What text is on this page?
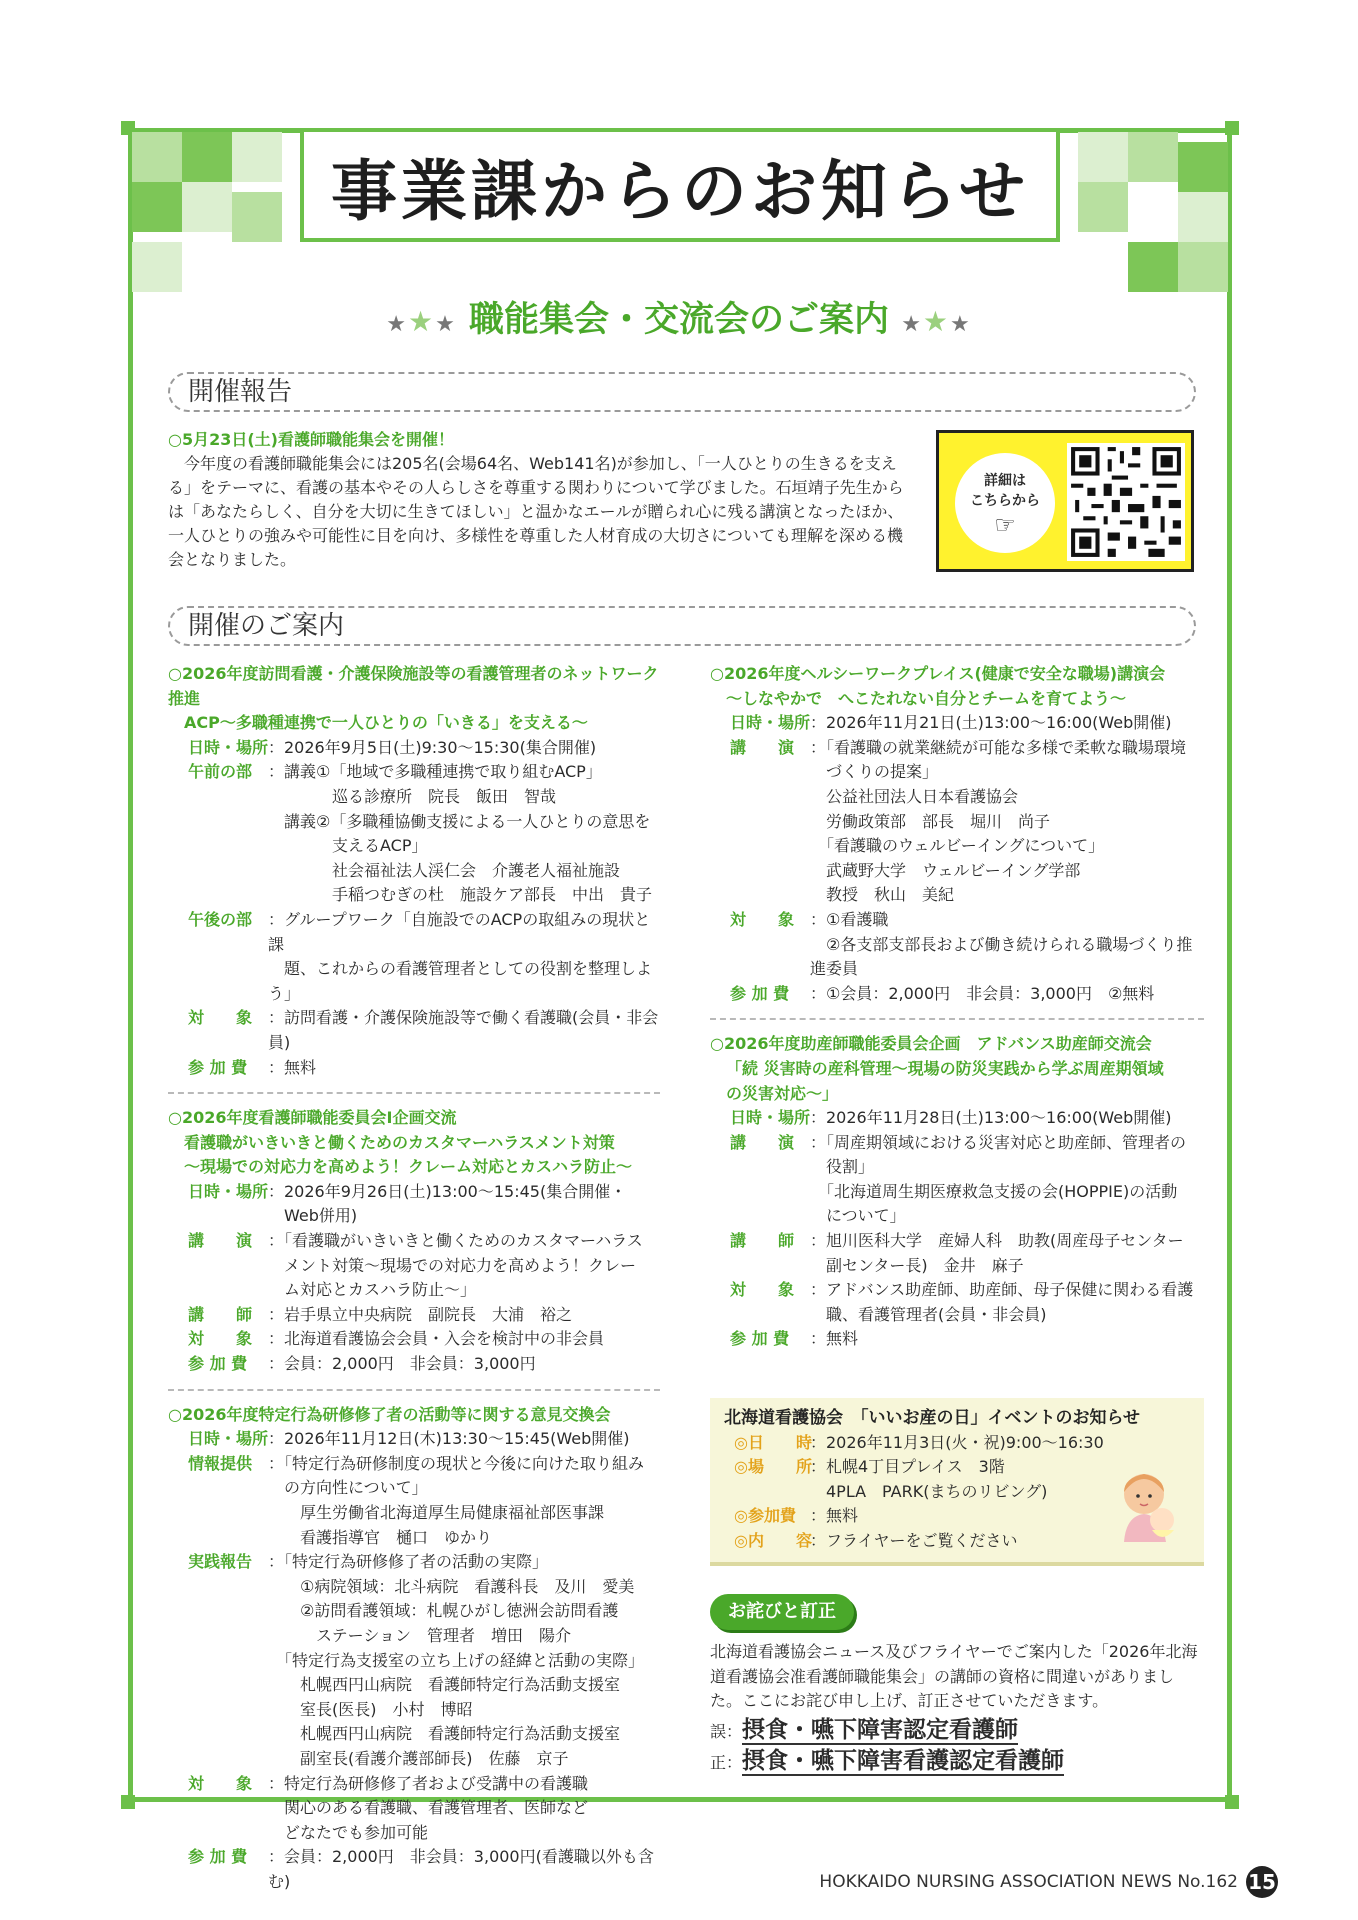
事業課からのお知らせ
★★★ 職能集会・交流会のご案内 ★★★
開催報告
○5月23日(土)看護師職能集会を開催！
今年度の看護師職能集会には205名(会場64名、Web141名)が参加し、「一人ひとりの生きるを支える」をテーマに、看護の基本やその人らしさを尊重する関わりについて学びました。石垣靖子先生からは「あなたらしく、自分を大切に生きてほしい」と温かなエールが贈られ心に残る講演となったほか、一人ひとりの強みや可能性に目を向け、多様性を尊重した人材育成の大切さについても理解を深める機会となりました。
詳細は
こちらから
☞
開催のご案内
○2026年度訪問看護・介護保険施設等の看護管理者のネットワーク推進
ACP〜多職種連携で一人ひとりの「いきる」を支える〜
日時・場所 ：2026年9月5日(土)9:30〜15:30(集合開催)
午前の部 ：講義①「地域で多職種連携で取り組むACP」
　　　　巡る診療所　院長　飯田　智哉
　講義②「多職種協働支援による一人ひとりの意思を
　　　　支えるACP」
　　　　社会福祉法人渓仁会　介護老人福祉施設
　　　　手稲つむぎの杜　施設ケア部長　中出　貴子
午後の部 ：グループワーク「自施設でのACPの取組みの現状と課
　題、これからの看護管理者としての役割を整理しよう」
対　　象 ：訪問看護・介護保険施設等で働く看護職(会員・非会員)
参 加 費	：無料
○2026年度看護師職能委員会Ⅰ企画交流
看護職がいきいきと働くためのカスタマーハラスメント対策
〜現場での対応力を高めよう！クレーム対応とカスハラ防止〜
日時・場所 ：2026年9月26日(土)13:00〜15:45(集合開催・
　Web併用)
講　　演 ：「看護職がいきいきと働くためのカスタマーハラス
　メント対策〜現場での対応力を高めよう！クレー
　ム対応とカスハラ防止〜」
講　　師 ：岩手県立中央病院　副院長　大浦　裕之
対　　象 ：北海道看護協会会員・入会を検討中の非会員
参 加 費	：会員：2,000円　非会員：3,000円
○2026年度特定行為研修修了者の活動等に関する意見交換会
日時・場所 ：2026年11月12日(木)13:30〜15:45(Web開催)
情報提供 ：「特定行為研修制度の現状と今後に向けた取り組み
　の方向性について」
　　厚生労働省北海道厚生局健康福祉部医事課
　　看護指導官　樋口　ゆかり
実践報告 ：「特定行為研修修了者の活動の実際」
　　①病院領域：北斗病院　看護科長　及川　愛美
　　②訪問看護領域：札幌ひがし徳洲会訪問看護
　　　ステーション　管理者　増田　陽介
　「特定行為支援室の立ち上げの経緯と活動の実際」
　　札幌西円山病院　看護師特定行為活動支援室
　　室長(医長)　小村　博昭
　　札幌西円山病院　看護師特定行為活動支援室
　　副室長(看護介護部師長)　佐藤　京子
対　　象 ：特定行為研修修了者および受講中の看護職
　関心のある看護職、看護管理者、医師など
　どなたでも参加可能
参 加 費	：会員：2,000円　非会員：3,000円(看護職以外も含む)
○2026年度ヘルシーワークプレイス(健康で安全な職場)講演会
〜しなやかで　へこたれない自分とチームを育てよう〜
日時・場所 ：2026年11月21日(土)13:00〜16:00(Web開催)
講　　演 ：「看護職の就業継続が可能な多様で柔軟な職場環境
　づくりの提案」
　公益社団法人日本看護協会
　労働政策部　部長　堀川　尚子
　「看護職のウェルビーイングについて」
　武蔵野大学　ウェルビーイング学部
　教授　秋山　美紀
対　　象 ：①看護職
　②各支部支部長および働き続けられる職場づくり推進委員
参 加 費	：①会員：2,000円　非会員：3,000円　②無料
○2026年度助産師職能委員会企画　アドバンス助産師交流会
「続 災害時の産科管理〜現場の防災実践から学ぶ周産期領域
の災害対応〜」
日時・場所 ：2026年11月28日(土)13:00〜16:00(Web開催)
講　　演 ：「周産期領域における災害対応と助産師、管理者の
　役割」
　「北海道周生期医療救急支援の会(HOPPIE)の活動
　について」
講　　師 ：旭川医科大学　産婦人科　助教(周産母子センター
　副センター長)　金井　麻子
対　　象 ：アドバンス助産師、助産師、母子保健に関わる看護
　職、看護管理者(会員・非会員)
参 加 費	：無料
北海道看護協会　「いいお産の日」イベントのお知らせ
◎日　　時
：2026年11月3日(火・祝)9:00〜16:30
◎場　　所
：札幌4丁目プレイス　3階
　4PLA　PARK(まちのリビング)
◎参加費 ：無料
◎内　　容
：フライヤーをご覧ください
お詫びと訂正
北海道看護協会ニュース及びフライヤーでご案内した「2026年北海道看護協会准看護師職能集会」の講師の資格に間違いがありました。ここにお詫び申し上げ、訂正させていただきます。
誤：摂食・嚥下障害認定看護師
正：摂食・嚥下障害看護認定看護師
HOKKAIDO NURSING ASSOCIATION NEWS No.162 15
